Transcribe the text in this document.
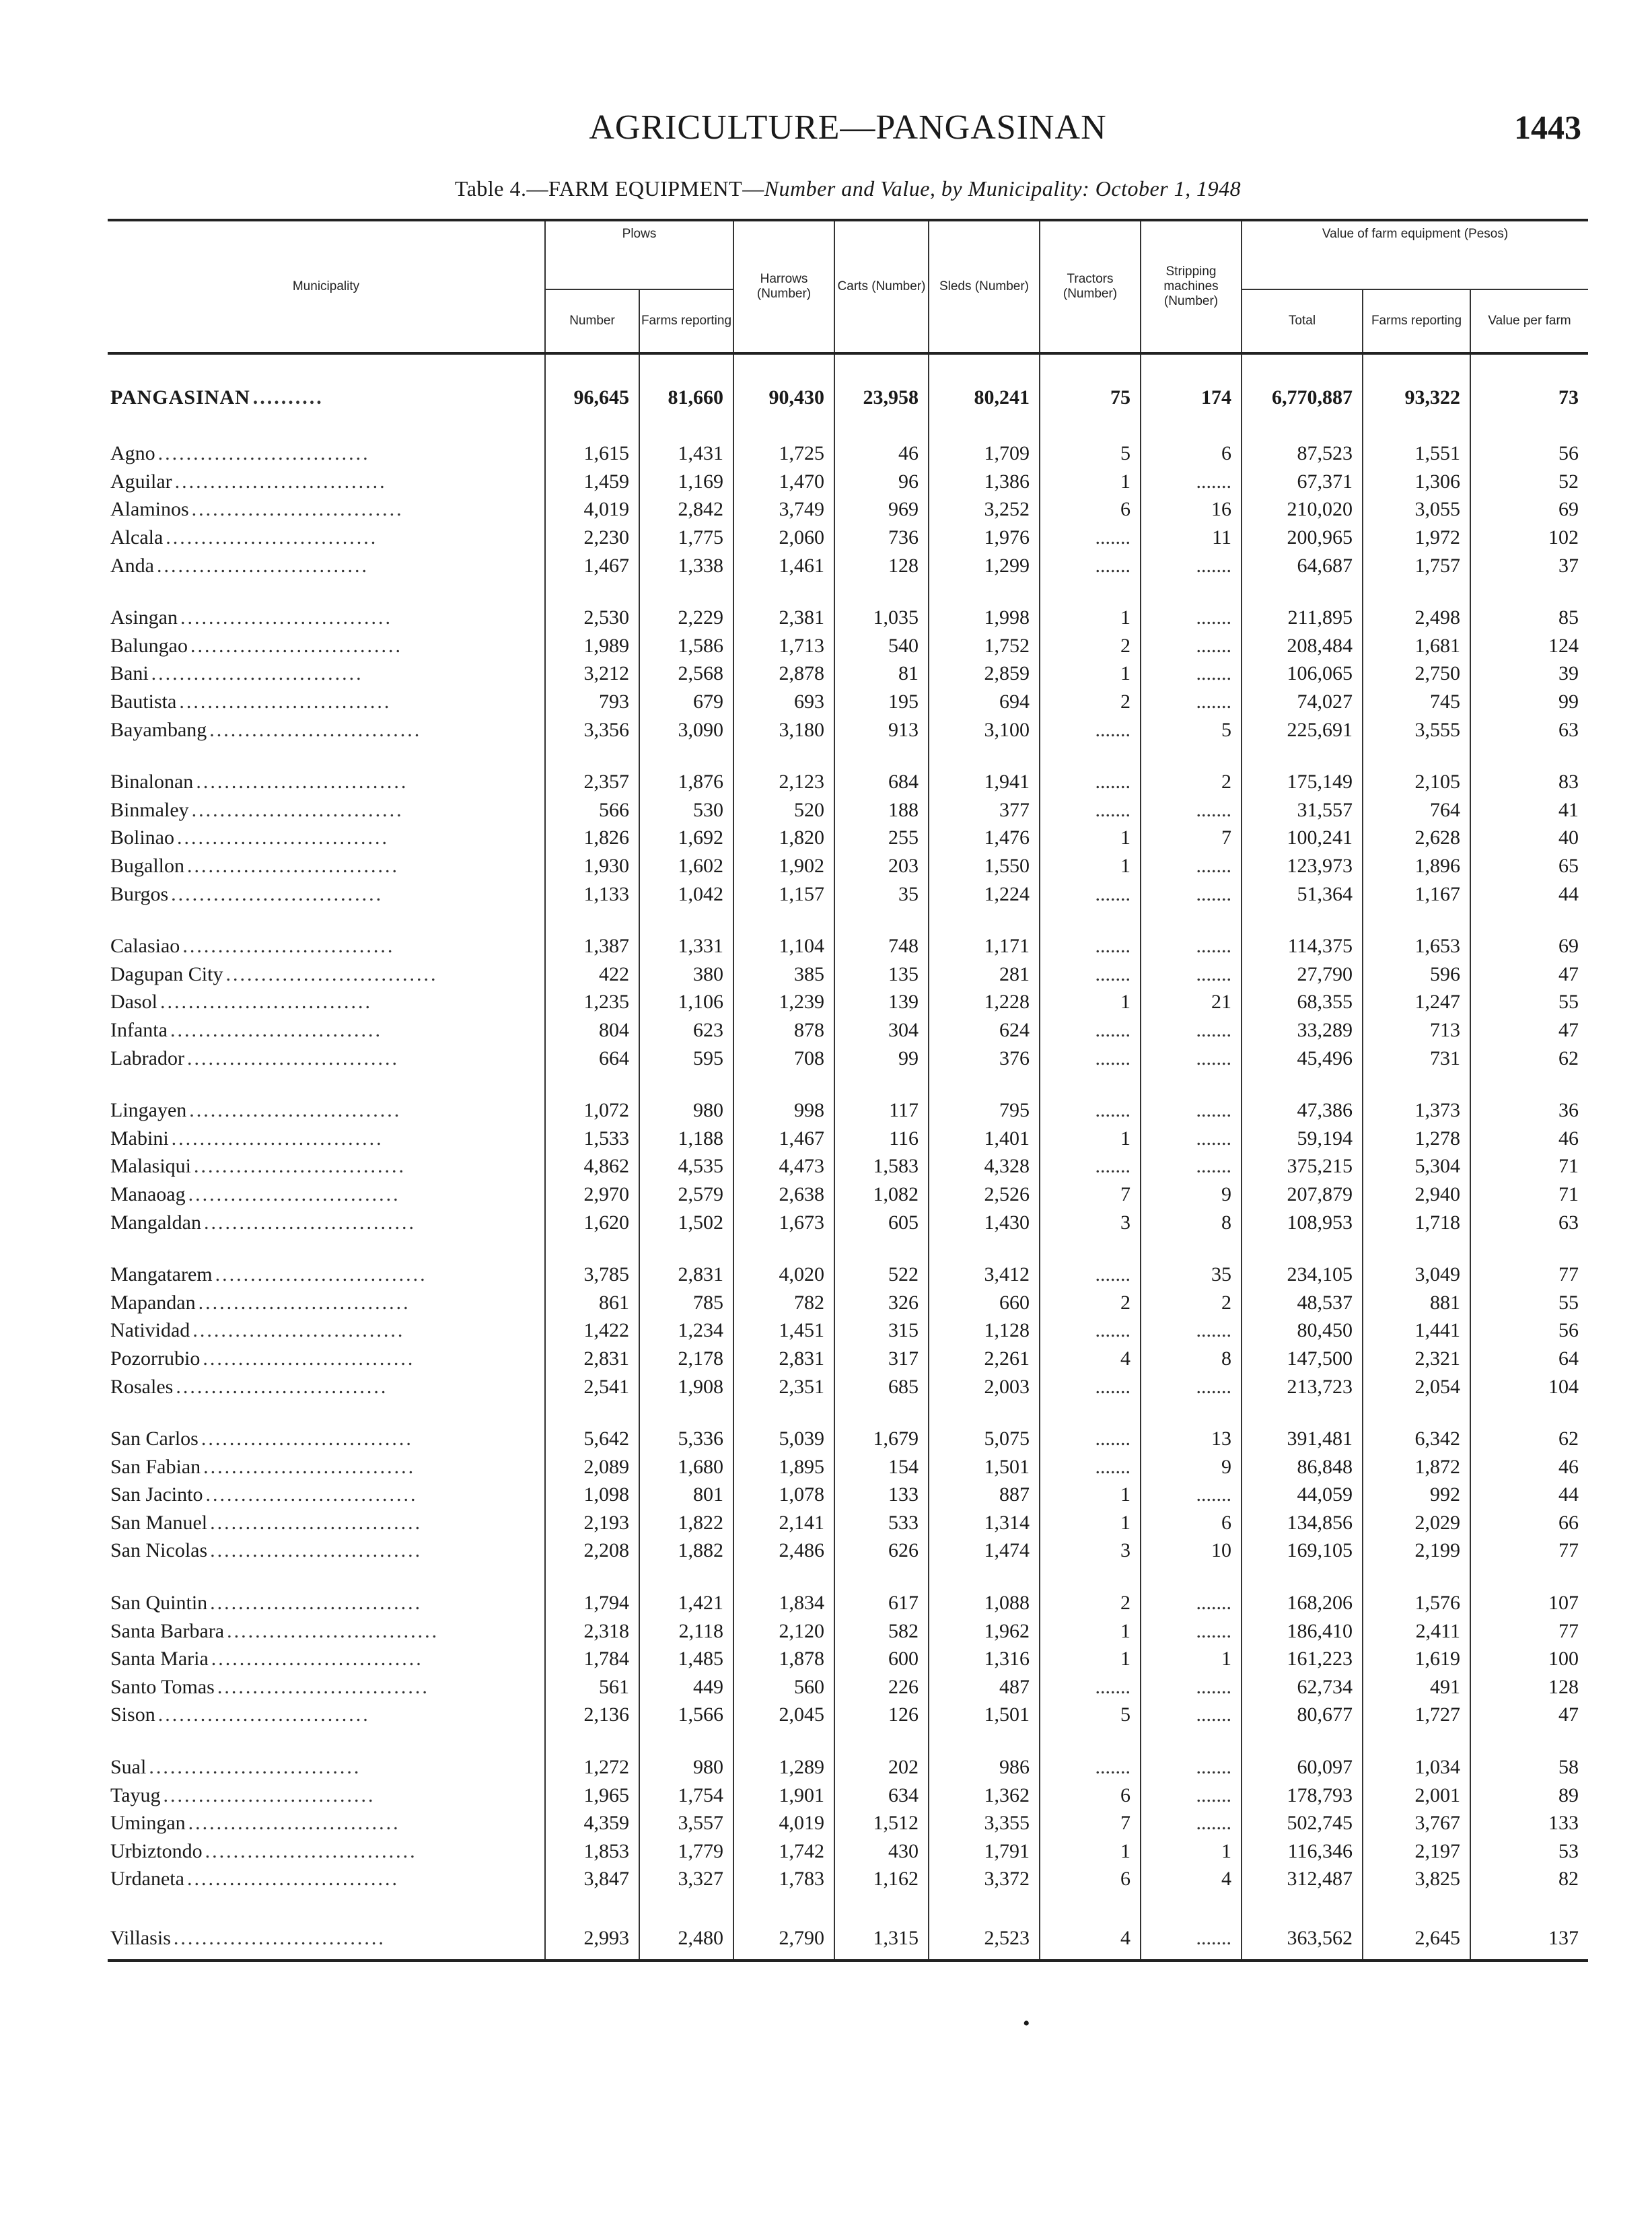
AGRICULTURE—PANGASINAN	1443
Table 4.—FARM EQUIPMENT—Number and Value, by Municipality: October 1, 1948
Municipality	Plows		Harrows (Number)	Carts (Number)	Sleds (Number)	Tractors (Number)	Stripping machines (Number)	Value of farm equipment (Pesos)		
	Number	Farms reporting						Total	Farms reporting	Value per farm
PANGASINAN ..........	96,645	81,660	90,430	23,958	80,241	75	174	6,770,887	93,322	73
Agno ..............................	1,615	1,431	1,725	46	1,709	5	6	87,523	1,551	56
Aguilar ..............................	1,459	1,169	1,470	96	1,386	1	.......	67,371	1,306	52
Alaminos ..............................	4,019	2,842	3,749	969	3,252	6	16	210,020	3,055	69
Alcala ..............................	2,230	1,775	2,060	736	1,976	.......	11	200,965	1,972	102
Anda ..............................	1,467	1,338	1,461	128	1,299	.......	.......	64,687	1,757	37
Asingan ..............................	2,530	2,229	2,381	1,035	1,998	1	.......	211,895	2,498	85
Balungao ..............................	1,989	1,586	1,713	540	1,752	2	.......	208,484	1,681	124
Bani ..............................	3,212	2,568	2,878	81	2,859	1	.......	106,065	2,750	39
Bautista ..............................	793	679	693	195	694	2	.......	74,027	745	99
Bayambang ..............................	3,356	3,090	3,180	913	3,100	.......	5	225,691	3,555	63
Binalonan ..............................	2,357	1,876	2,123	684	1,941	.......	2	175,149	2,105	83
Binmaley ..............................	566	530	520	188	377	.......	.......	31,557	764	41
Bolinao ..............................	1,826	1,692	1,820	255	1,476	1	7	100,241	2,628	40
Bugallon ..............................	1,930	1,602	1,902	203	1,550	1	.......	123,973	1,896	65
Burgos ..............................	1,133	1,042	1,157	35	1,224	.......	.......	51,364	1,167	44
Calasiao ..............................	1,387	1,331	1,104	748	1,171	.......	.......	114,375	1,653	69
Dagupan City ..............................	422	380	385	135	281	.......	.......	27,790	596	47
Dasol ..............................	1,235	1,106	1,239	139	1,228	1	21	68,355	1,247	55
Infanta ..............................	804	623	878	304	624	.......	.......	33,289	713	47
Labrador ..............................	664	595	708	99	376	.......	.......	45,496	731	62
Lingayen ..............................	1,072	980	998	117	795	.......	.......	47,386	1,373	36
Mabini ..............................	1,533	1,188	1,467	116	1,401	1	.......	59,194	1,278	46
Malasiqui ..............................	4,862	4,535	4,473	1,583	4,328	.......	.......	375,215	5,304	71
Manaoag ..............................	2,970	2,579	2,638	1,082	2,526	7	9	207,879	2,940	71
Mangaldan ..............................	1,620	1,502	1,673	605	1,430	3	8	108,953	1,718	63
Mangatarem ..............................	3,785	2,831	4,020	522	3,412	.......	35	234,105	3,049	77
Mapandan ..............................	861	785	782	326	660	2	2	48,537	881	55
Natividad ..............................	1,422	1,234	1,451	315	1,128	.......	.......	80,450	1,441	56
Pozorrubio ..............................	2,831	2,178	2,831	317	2,261	4	8	147,500	2,321	64
Rosales ..............................	2,541	1,908	2,351	685	2,003	.......	.......	213,723	2,054	104
San Carlos ..............................	5,642	5,336	5,039	1,679	5,075	.......	13	391,481	6,342	62
San Fabian ..............................	2,089	1,680	1,895	154	1,501	.......	9	86,848	1,872	46
San Jacinto ..............................	1,098	801	1,078	133	887	1	.......	44,059	992	44
San Manuel ..............................	2,193	1,822	2,141	533	1,314	1	6	134,856	2,029	66
San Nicolas ..............................	2,208	1,882	2,486	626	1,474	3	10	169,105	2,199	77
San Quintin ..............................	1,794	1,421	1,834	617	1,088	2	.......	168,206	1,576	107
Santa Barbara ..............................	2,318	2,118	2,120	582	1,962	1	.......	186,410	2,411	77
Santa Maria ..............................	1,784	1,485	1,878	600	1,316	1	1	161,223	1,619	100
Santo Tomas ..............................	561	449	560	226	487	.......	.......	62,734	491	128
Sison ..............................	2,136	1,566	2,045	126	1,501	5	.......	80,677	1,727	47
Sual ..............................	1,272	980	1,289	202	986	.......	.......	60,097	1,034	58
Tayug ..............................	1,965	1,754	1,901	634	1,362	6	.......	178,793	2,001	89
Umingan ..............................	4,359	3,557	4,019	1,512	3,355	7	.......	502,745	3,767	133
Urbiztondo ..............................	1,853	1,779	1,742	430	1,791	1	1	116,346	2,197	53
Urdaneta ..............................	3,847	3,327	1,783	1,162	3,372	6	4	312,487	3,825	82
Villasis ..............................	2,993	2,480	2,790	1,315	2,523	4	.......	363,562	2,645	137
•
